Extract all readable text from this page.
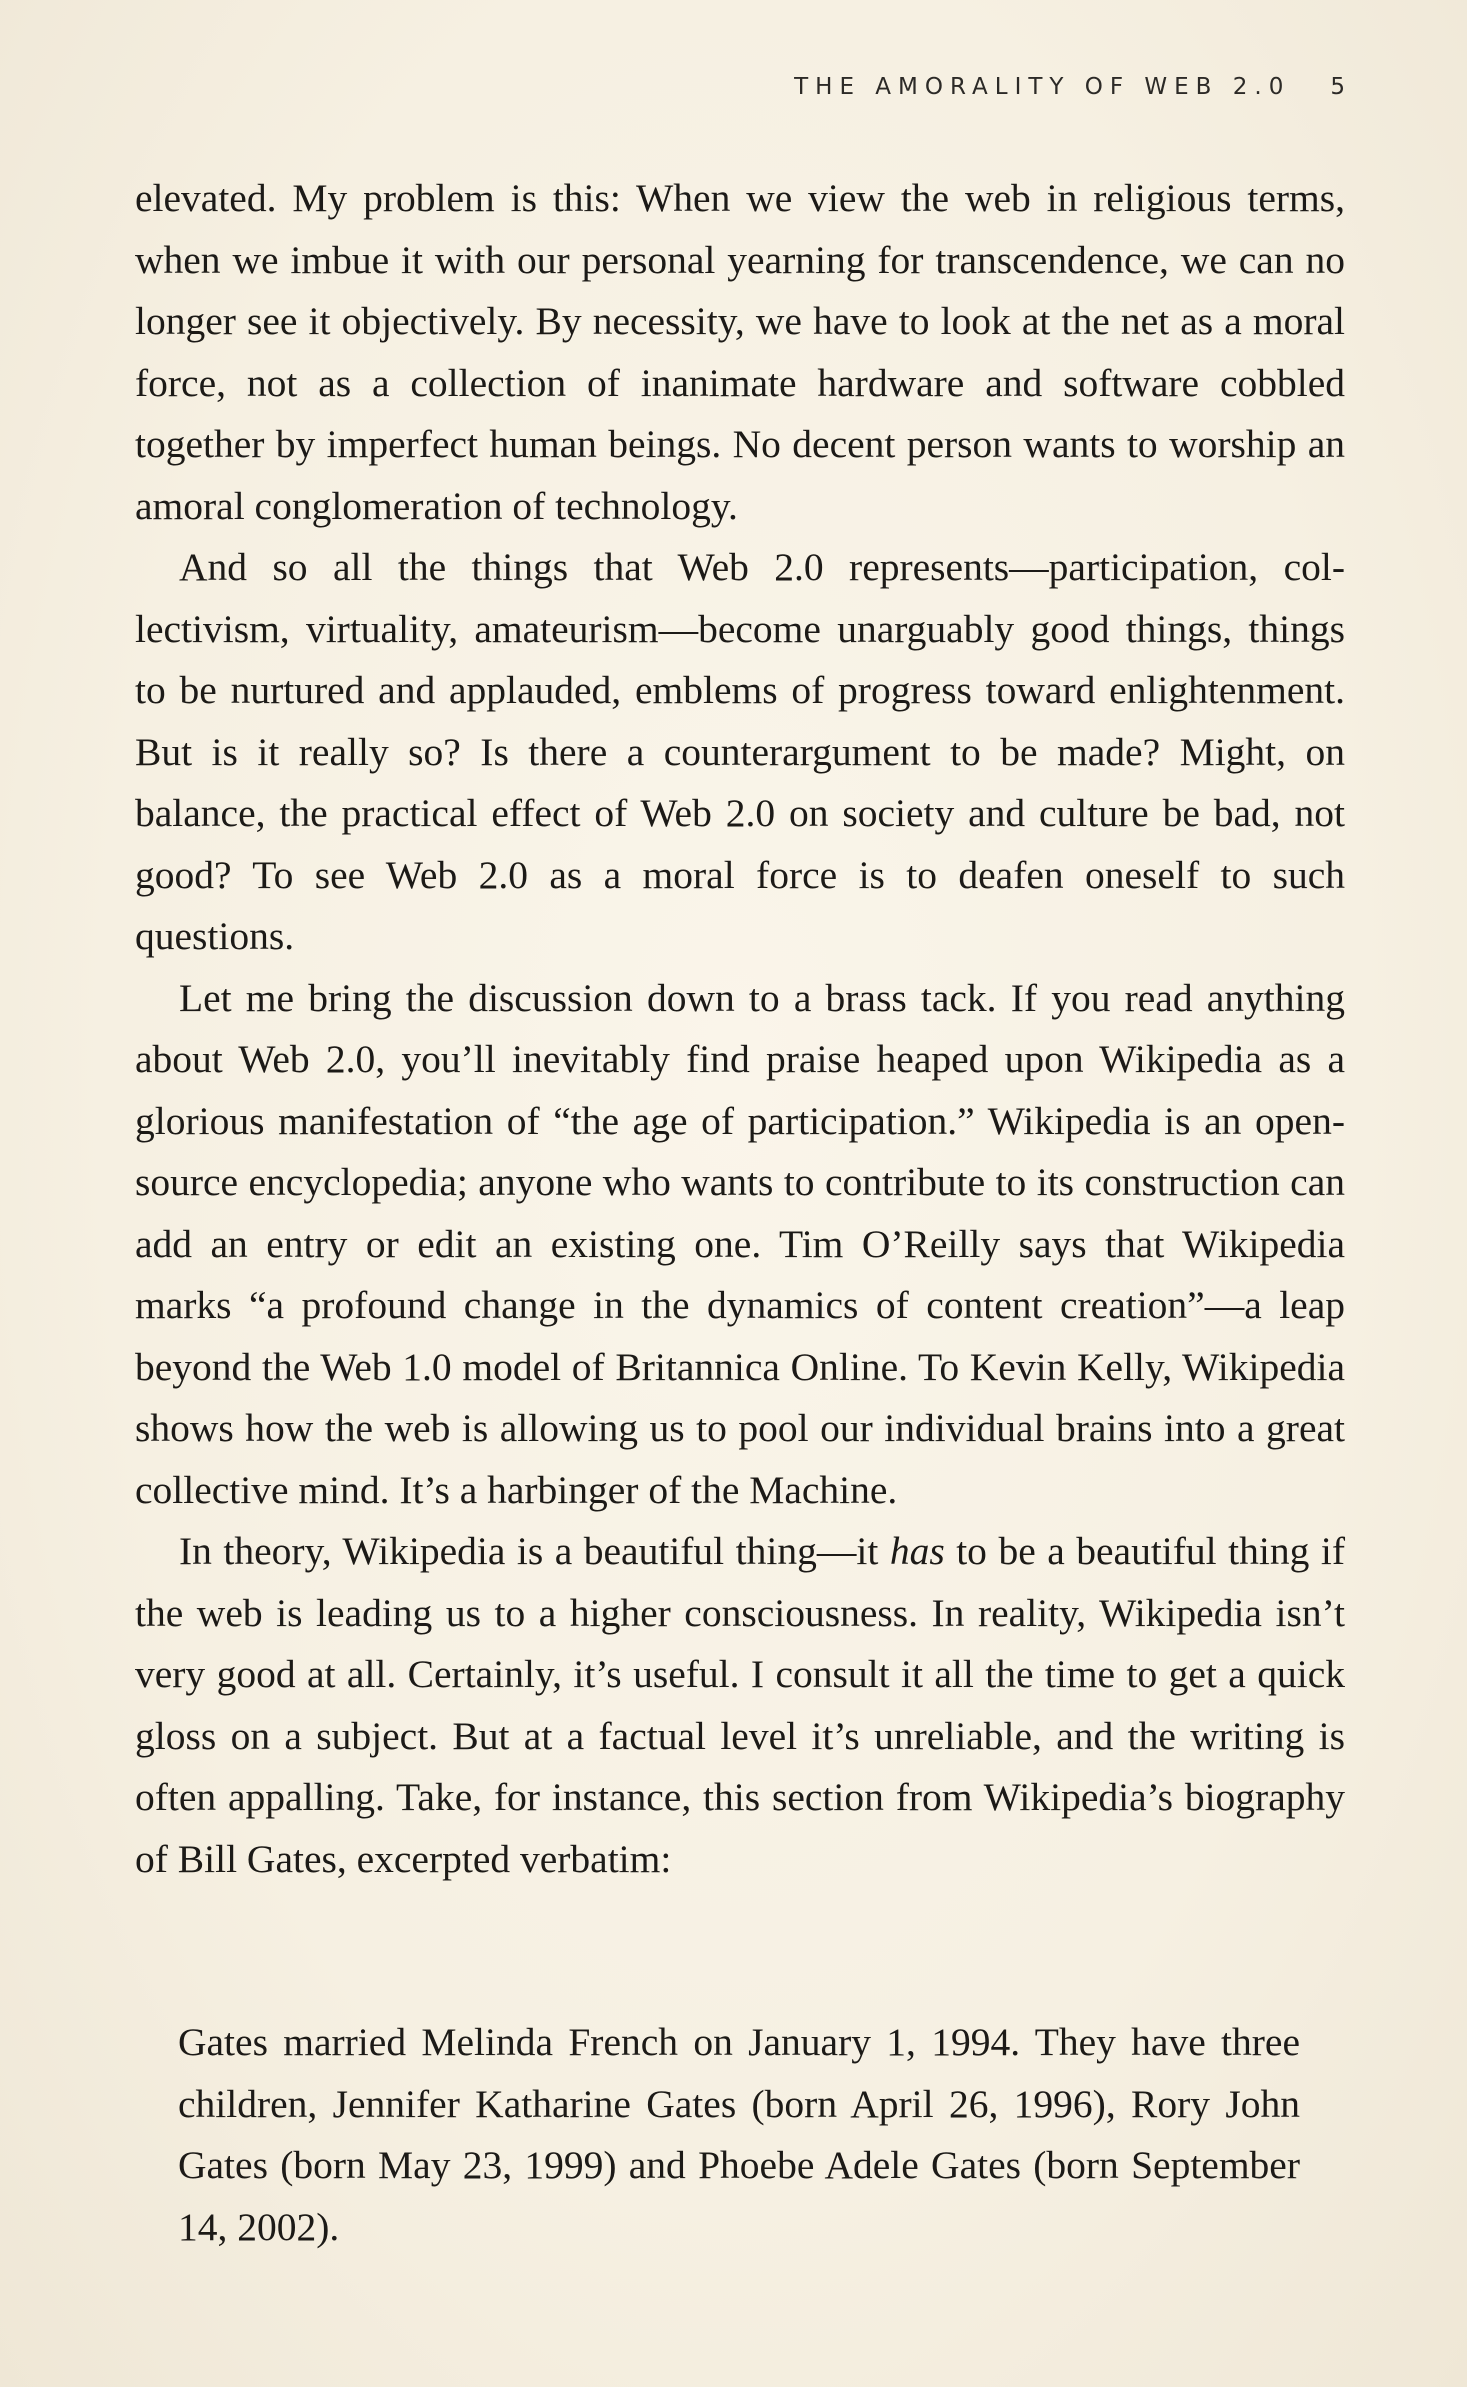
THE AMORALITY OF WEB 2.0 5

elevated. My problem is this: When we view the web in religious terms, when we imbue it with our personal yearning for transcendence, we can no longer see it objectively. By necessity, we have to look at the net as a moral force, not as a collection of inanimate hardware and software cobbled together by imperfect human beings. No decent person wants to worship an amoral conglomeration of technology.

And so all the things that Web 2.0 represents—participation, collectivism, virtuality, amateurism—become unarguably good things, things to be nurtured and applauded, emblems of progress toward enlightenment. But is it really so? Is there a counterargument to be made? Might, on balance, the practical effect of Web 2.0 on society and culture be bad, not good? To see Web 2.0 as a moral force is to deafen oneself to such questions.

Let me bring the discussion down to a brass tack. If you read anything about Web 2.0, you’ll inevitably find praise heaped upon Wikipedia as a glorious manifestation of “the age of participation.” Wikipedia is an open-source encyclopedia; anyone who wants to contribute to its construction can add an entry or edit an existing one. Tim O’Reilly says that Wikipedia marks “a profound change in the dynamics of content creation”—a leap beyond the Web 1.0 model of Britannica Online. To Kevin Kelly, Wikipedia shows how the web is allowing us to pool our individual brains into a great collective mind. It’s a harbinger of the Machine.

In theory, Wikipedia is a beautiful thing—it has to be a beautiful thing if the web is leading us to a higher consciousness. In reality, Wikipedia isn’t very good at all. Certainly, it’s useful. I consult it all the time to get a quick gloss on a subject. But at a factual level it’s unreliable, and the writing is often appalling. Take, for instance, this section from Wikipedia’s biography of Bill Gates, excerpted verbatim:

Gates married Melinda French on January 1, 1994. They have three children, Jennifer Katharine Gates (born April 26, 1996), Rory John Gates (born May 23, 1999) and Phoebe Adele Gates (born September 14, 2002).
